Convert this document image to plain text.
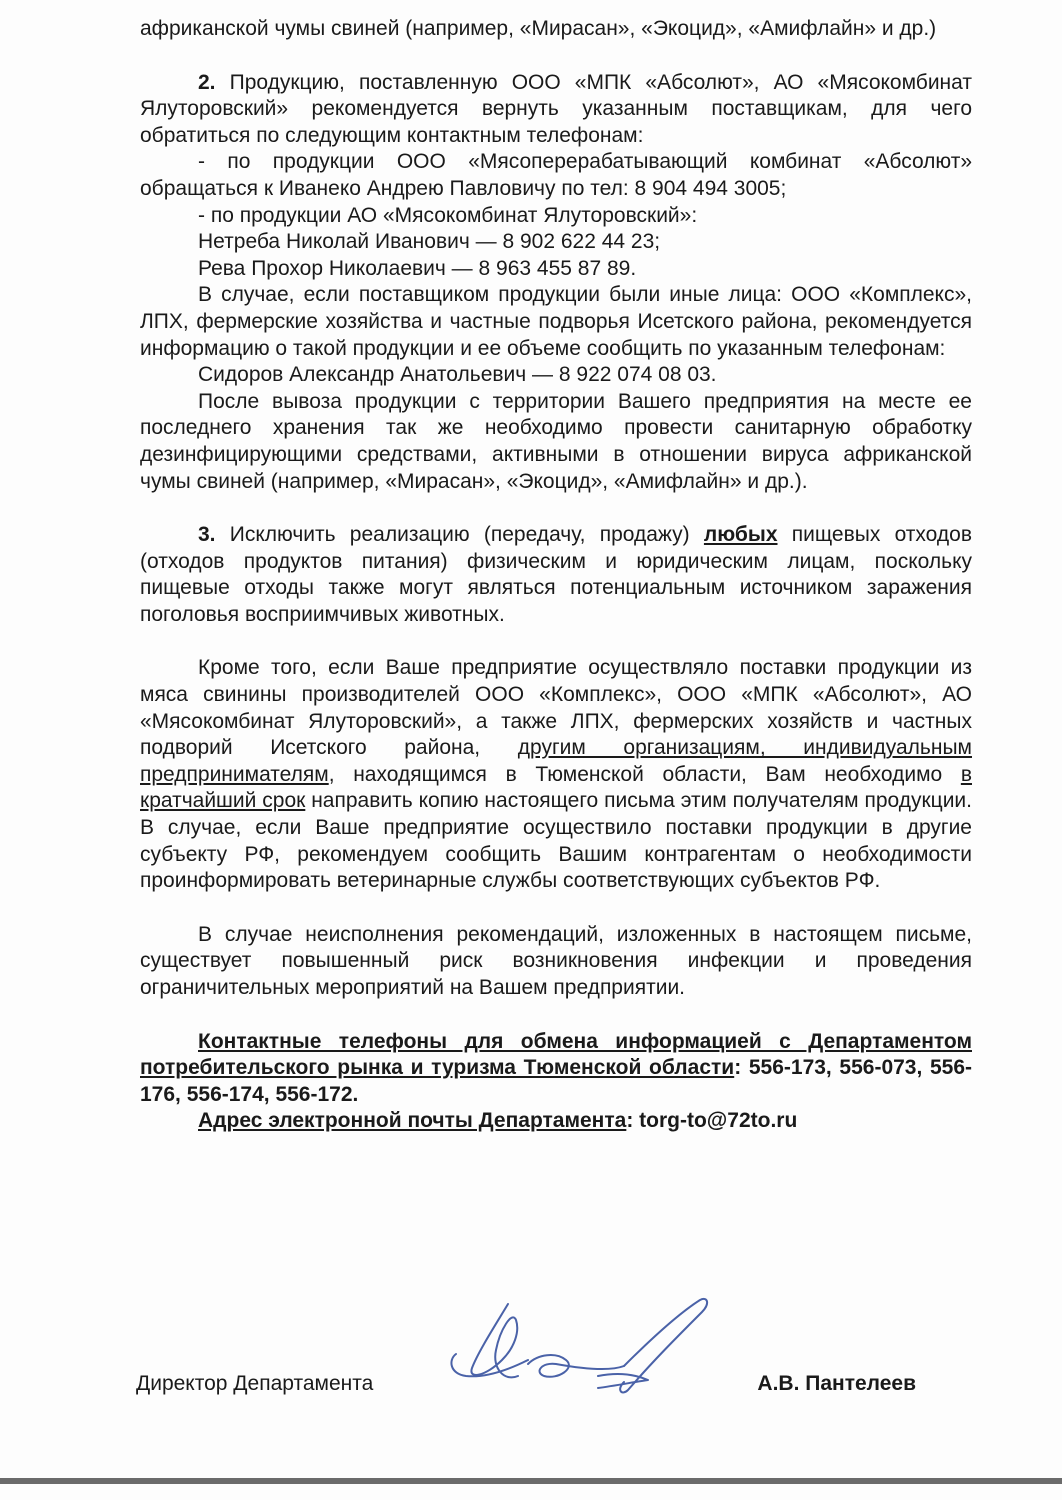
африканской чумы свиней (например, «Мирасан», «Экоцид», «Амифлайн» и др.)

2. Продукцию, поставленную ООО «МПК «Абсолют», АО «Мясокомбинат Ялуторовский» рекомендуется вернуть указанным поставщикам, для чего обратиться по следующим контактным телефонам:

- по продукции ООО «Мясоперерабатывающий комбинат «Абсолют» обращаться к Иванеко Андрею Павловичу по тел: 8 904 494 3005;

- по продукции АО «Мясокомбинат Ялуторовский»:

Нетреба Николай Иванович — 8 902 622 44 23;

Рева Прохор Николаевич — 8 963 455 87 89.

В случае, если поставщиком продукции были иные лица: ООО «Комплекс», ЛПХ, фермерские хозяйства и частные подворья Исетского района, рекомендуется информацию о такой продукции и ее объеме сообщить по указанным телефонам:

Сидоров Александр Анатольевич — 8 922 074 08 03.

После вывоза продукции с территории Вашего предприятия на месте ее последнего хранения так же необходимо провести санитарную обработку дезинфицирующими средствами, активными в отношении вируса африканской чумы свиней (например, «Мирасан», «Экоцид», «Амифлайн» и др.).

3. Исключить реализацию (передачу, продажу) любых пищевых отходов (отходов продуктов питания) физическим и юридическим лицам, поскольку пищевые отходы также могут являться потенциальным источником заражения поголовья восприимчивых животных.

Кроме того, если Ваше предприятие осуществляло поставки продукции из мяса свинины производителей ООО «Комплекс», ООО «МПК «Абсолют», АО «Мясокомбинат Ялуторовский», а также ЛПХ, фермерских хозяйств и частных подворий Исетского района, другим организациям, индивидуальным предпринимателям, находящимся в Тюменской области, Вам необходимо в кратчайший срок направить копию настоящего письма этим получателям продукции. В случае, если Ваше предприятие осуществило поставки продукции в другие субъекту РФ, рекомендуем сообщить Вашим контрагентам о необходимости проинформировать ветеринарные службы соответствующих субъектов РФ.

В случае неисполнения рекомендаций, изложенных в настоящем письме, существует повышенный риск возникновения инфекции и проведения ограничительных мероприятий на Вашем предприятии.

Контактные телефоны для обмена информацией с Департаментом потребительского рынка и туризма Тюменской области: 556-173, 556-073, 556-176, 556-174, 556-172.

Адрес электронной почты Департамента: torg-to@72to.ru

Директор Департамента	А.В. Пантелеев
